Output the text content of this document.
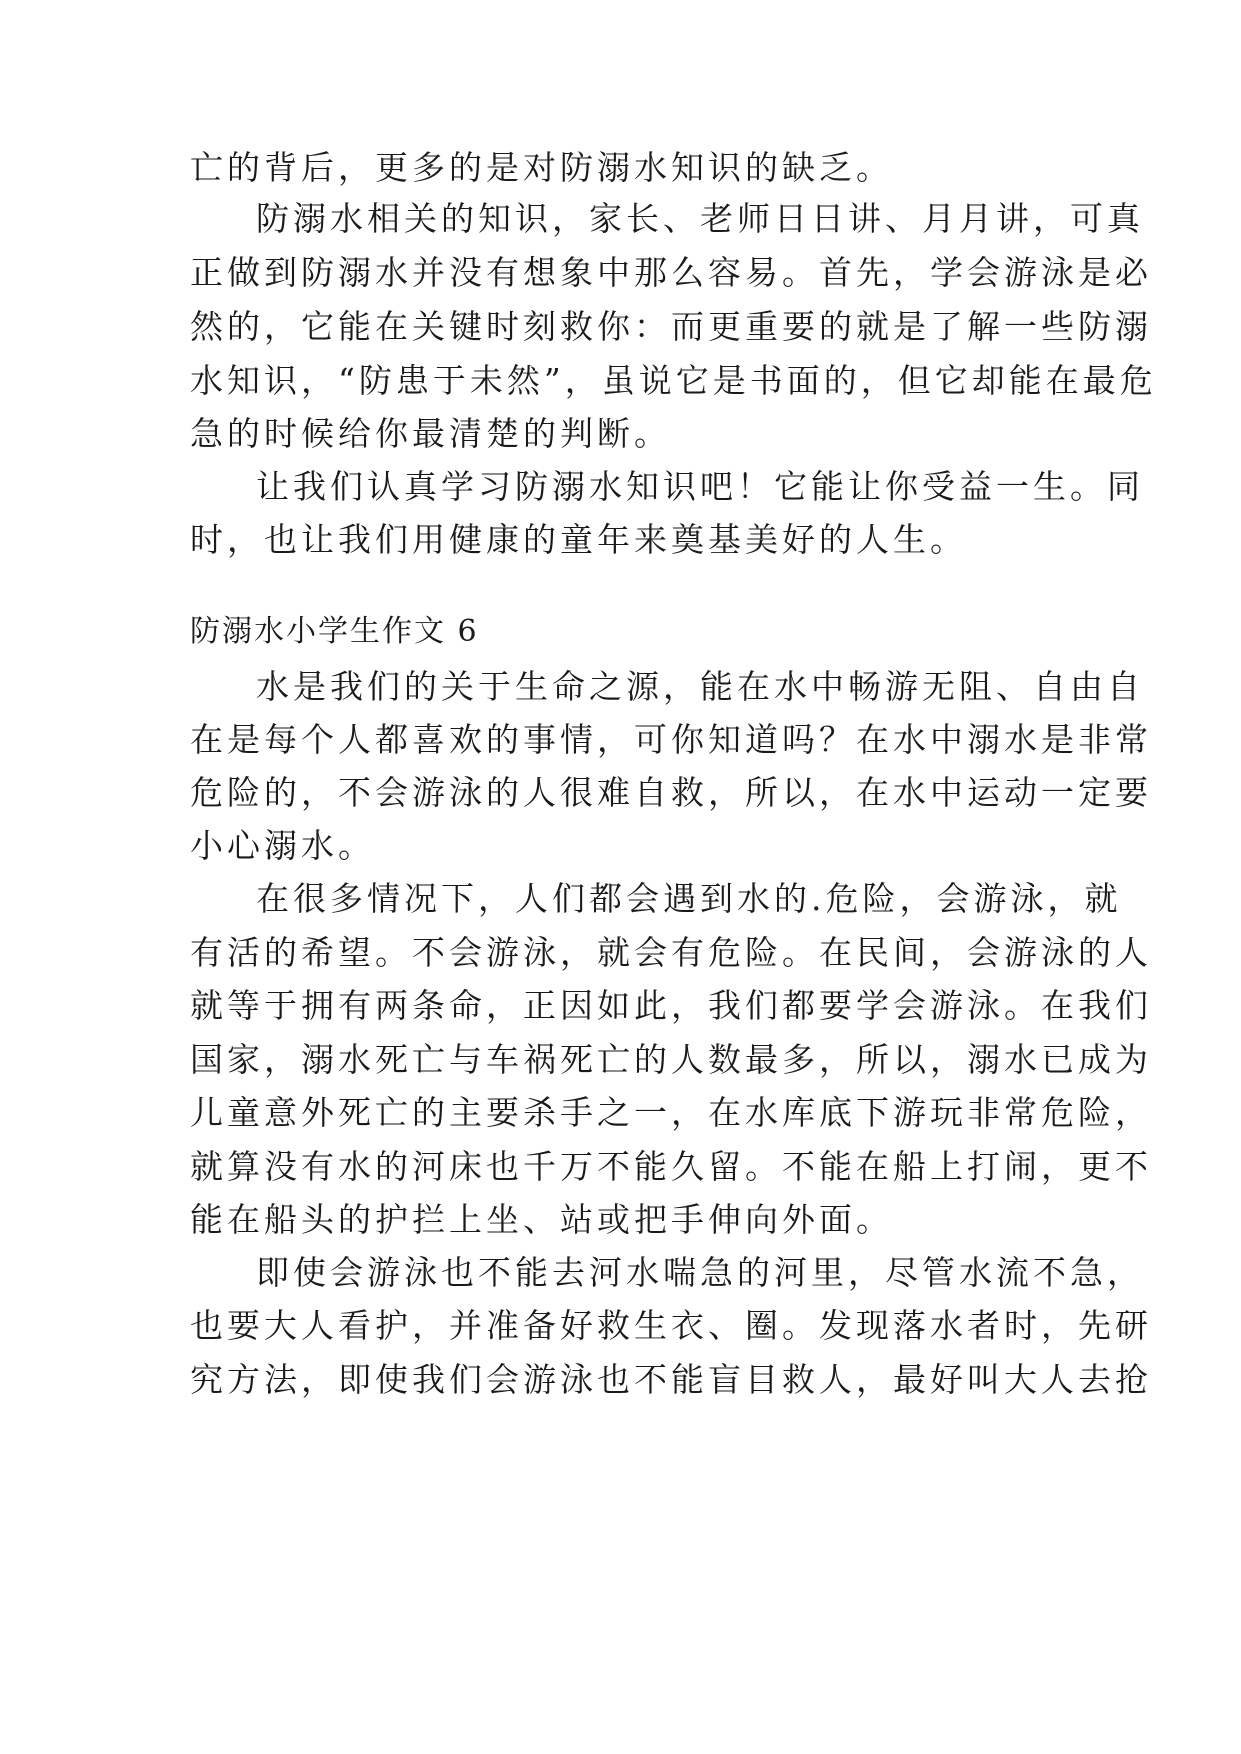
亡的背后，更多的是对防溺水知识的缺乏。
防溺水相关的知识，家长、老师日日讲、月月讲，可真
正做到防溺水并没有想象中那么容易。首先，学会游泳是必
然的，它能在关键时刻救你：而更重要的就是了解一些防溺
水知识，“防患于未然”，虽说它是书面的，但它却能在最危
急的时候给你最清楚的判断。
让我们认真学习防溺水知识吧！它能让你受益一生。同
时，也让我们用健康的童年来奠基美好的人生。
防溺水小学生作文 6
水是我们的关于生命之源，能在水中畅游无阻、自由自
在是每个人都喜欢的事情，可你知道吗？在水中溺水是非常
危险的，不会游泳的人很难自救，所以，在水中运动一定要
小心溺水。
在很多情况下，人们都会遇到水的.危险，会游泳，就
有活的希望。不会游泳，就会有危险。在民间，会游泳的人
就等于拥有两条命，正因如此，我们都要学会游泳。在我们
国家，溺水死亡与车祸死亡的人数最多，所以，溺水已成为
儿童意外死亡的主要杀手之一，在水库底下游玩非常危险，
就算没有水的河床也千万不能久留。不能在船上打闹，更不
能在船头的护拦上坐、站或把手伸向外面。
即使会游泳也不能去河水喘急的河里，尽管水流不急，
也要大人看护，并准备好救生衣、圈。发现落水者时，先研
究方法，即使我们会游泳也不能盲目救人，最好叫大人去抢
